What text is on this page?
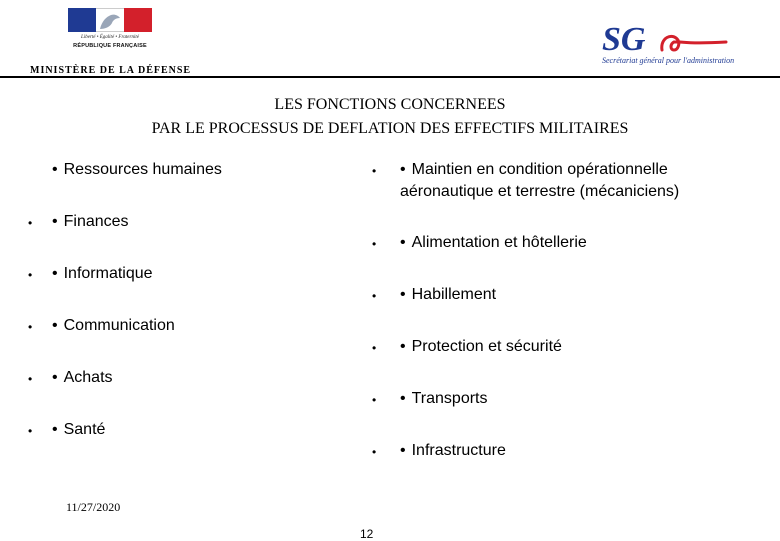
Liberté • Égalité • Fraternité
RÉPUBLIQUE FRANÇAISE
MINISTÈRE DE LA DÉFENSE
SG
Secrétariat général pour l'administration
LES FONCTIONS CONCERNEES
PAR LE PROCESSUS DE DEFLATION DES EFFECTIFS MILITAIRES
• Ressources humaines
• • Finances
• • Informatique
• • Communication
• • Achats
• • Santé
• • Maintien en condition opérationnelle
aéronautique et terrestre (mécaniciens)
• • Alimentation et hôtellerie
• • Habillement
• • Protection et sécurité
• • Transports
• • Infrastructure
11/27/2020
12
